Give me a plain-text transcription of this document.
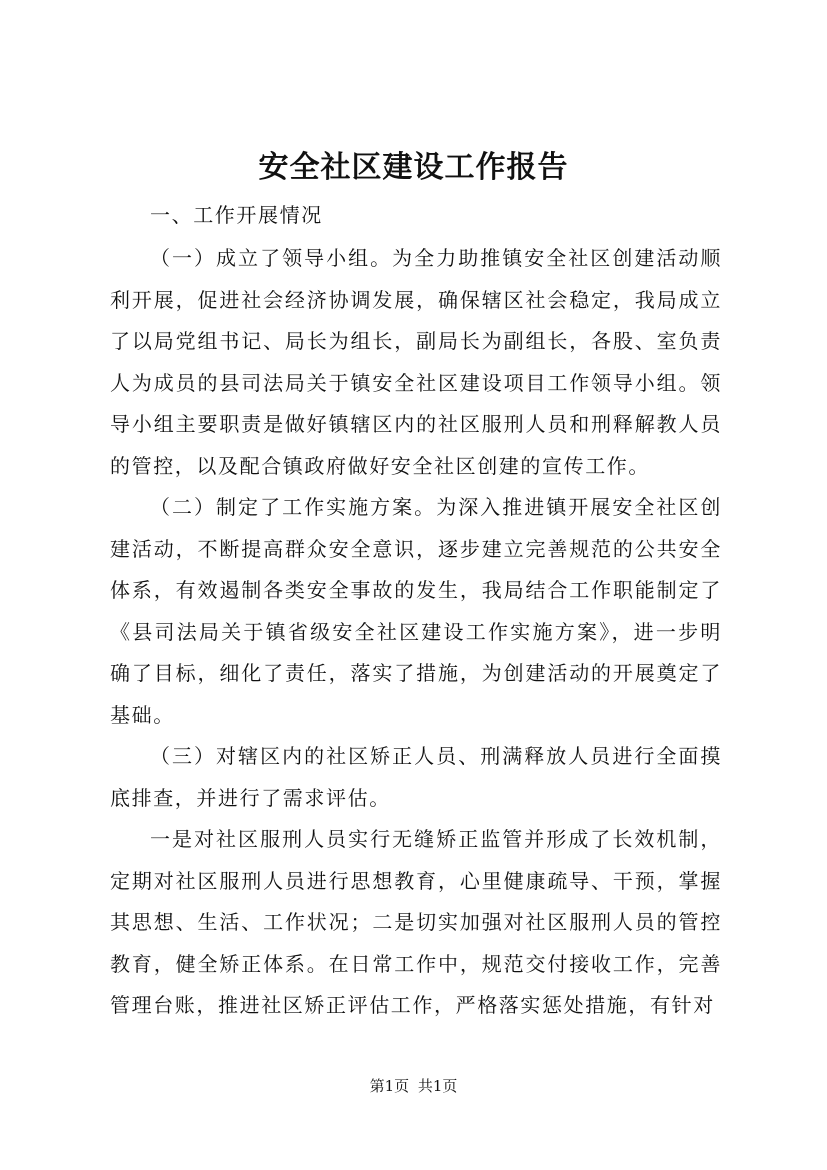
安全社区建设工作报告

一、工作开展情况

（一）成立了领导小组。为全力助推镇安全社区创建活动顺利开展，促进社会经济协调发展，确保辖区社会稳定，我局成立了以局党组书记、局长为组长，副局长为副组长，各股、室负责人为成员的县司法局关于镇安全社区建设项目工作领导小组。领导小组主要职责是做好镇辖区内的社区服刑人员和刑释解教人员的管控，以及配合镇政府做好安全社区创建的宣传工作。

（二）制定了工作实施方案。为深入推进镇开展安全社区创建活动，不断提高群众安全意识，逐步建立完善规范的公共安全体系，有效遏制各类安全事故的发生，我局结合工作职能制定了《县司法局关于镇省级安全社区建设工作实施方案》，进一步明确了目标，细化了责任，落实了措施，为创建活动的开展奠定了基础。

（三）对辖区内的社区矫正人员、刑满释放人员进行全面摸底排查，并进行了需求评估。

一是对社区服刑人员实行无缝矫正监管并形成了长效机制，定期对社区服刑人员进行思想教育，心里健康疏导、干预，掌握其思想、生活、工作状况；二是切实加强对社区服刑人员的管控教育，健全矫正体系。在日常工作中，规范交付接收工作，完善管理台账，推进社区矫正评估工作，严格落实惩处措施，有针对

第1页 共1页
